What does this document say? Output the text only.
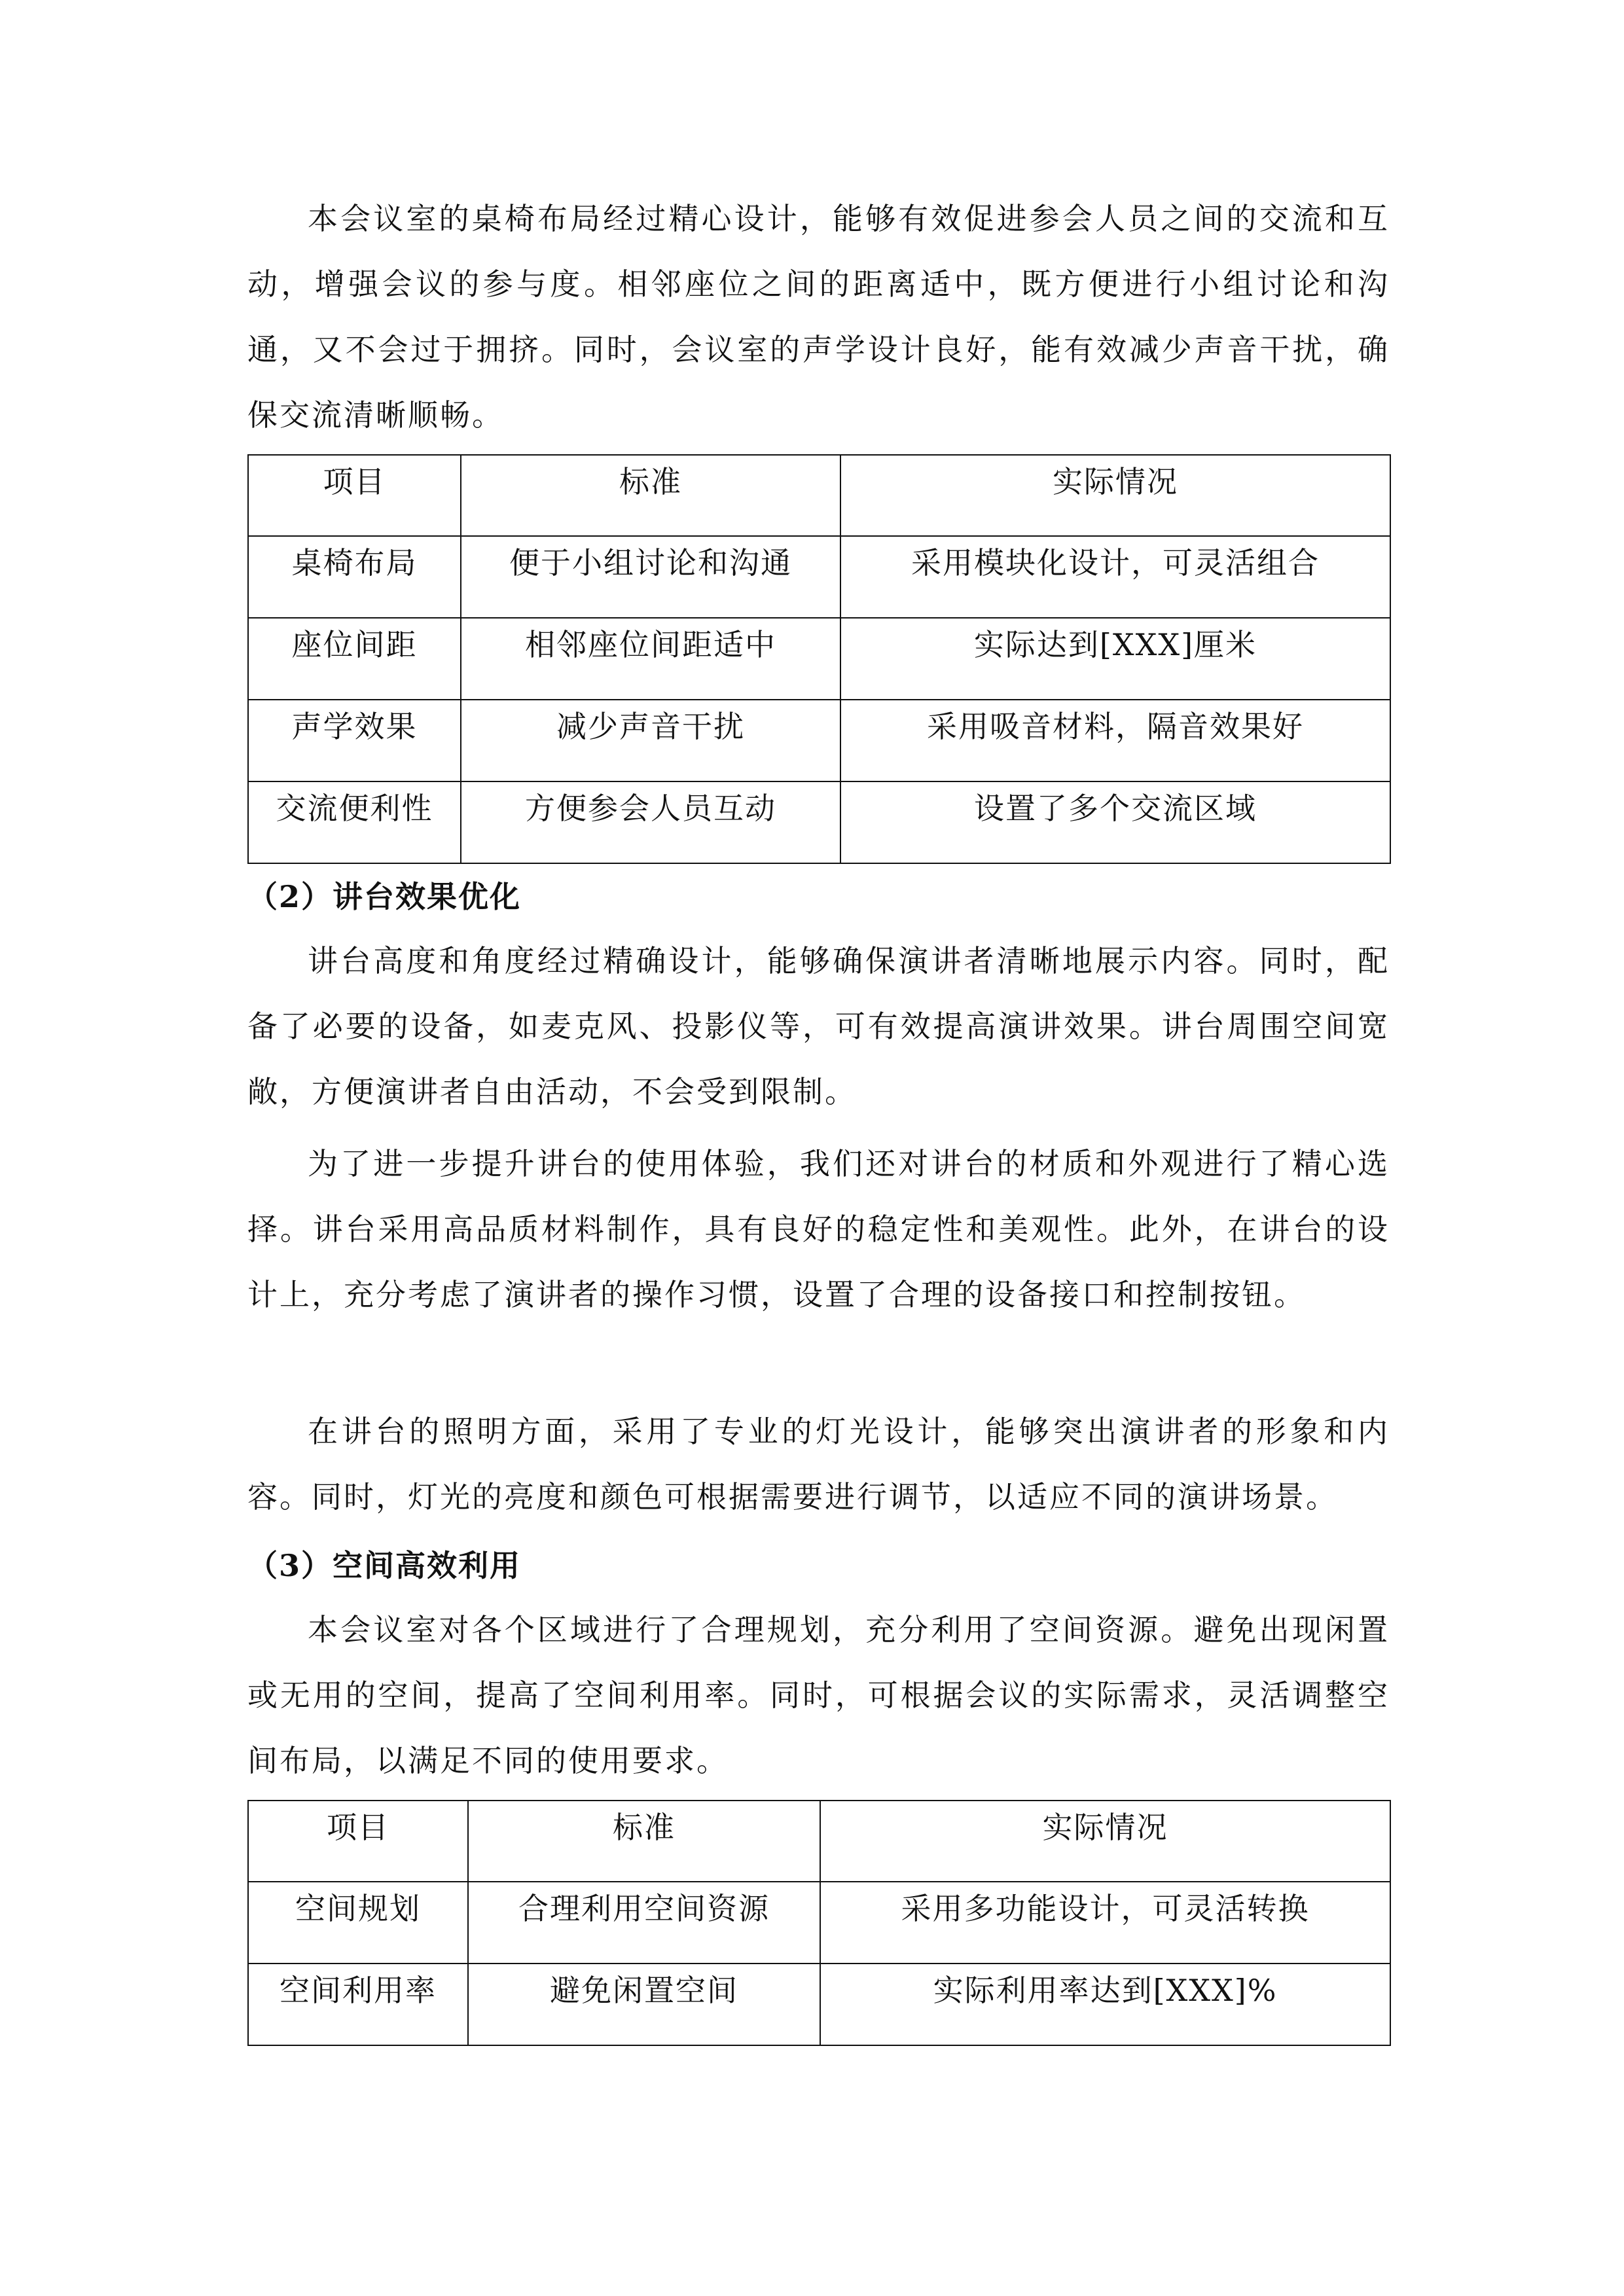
本会议室的桌椅布局经过精心设计，能够有效促进参会人员之间的交流和互动，增强会议的参与度。相邻座位之间的距离适中，既方便进行小组讨论和沟通，又不会过于拥挤。同时，会议室的声学设计良好，能有效减少声音干扰，确保交流清晰顺畅。

项目	标准	实际情况
桌椅布局	便于小组讨论和沟通	采用模块化设计，可灵活组合
座位间距	相邻座位间距适中	实际达到[XXX]厘米
声学效果	减少声音干扰	采用吸音材料，隔音效果好
交流便利性	方便参会人员互动	设置了多个交流区域
（2）讲台效果优化

讲台高度和角度经过精确设计，能够确保演讲者清晰地展示内容。同时，配备了必要的设备，如麦克风、投影仪等，可有效提高演讲效果。讲台周围空间宽敞，方便演讲者自由活动，不会受到限制。

为了进一步提升讲台的使用体验，我们还对讲台的材质和外观进行了精心选择。讲台采用高品质材料制作，具有良好的稳定性和美观性。此外，在讲台的设计上，充分考虑了演讲者的操作习惯，设置了合理的设备接口和控制按钮。

在讲台的照明方面，采用了专业的灯光设计，能够突出演讲者的形象和内容。同时，灯光的亮度和颜色可根据需要进行调节，以适应不同的演讲场景。

（3）空间高效利用

本会议室对各个区域进行了合理规划，充分利用了空间资源。避免出现闲置或无用的空间，提高了空间利用率。同时，可根据会议的实际需求，灵活调整空间布局，以满足不同的使用要求。

项目	标准	实际情况
空间规划	合理利用空间资源	采用多功能设计，可灵活转换
空间利用率	避免闲置空间	实际利用率达到[XXX]%
